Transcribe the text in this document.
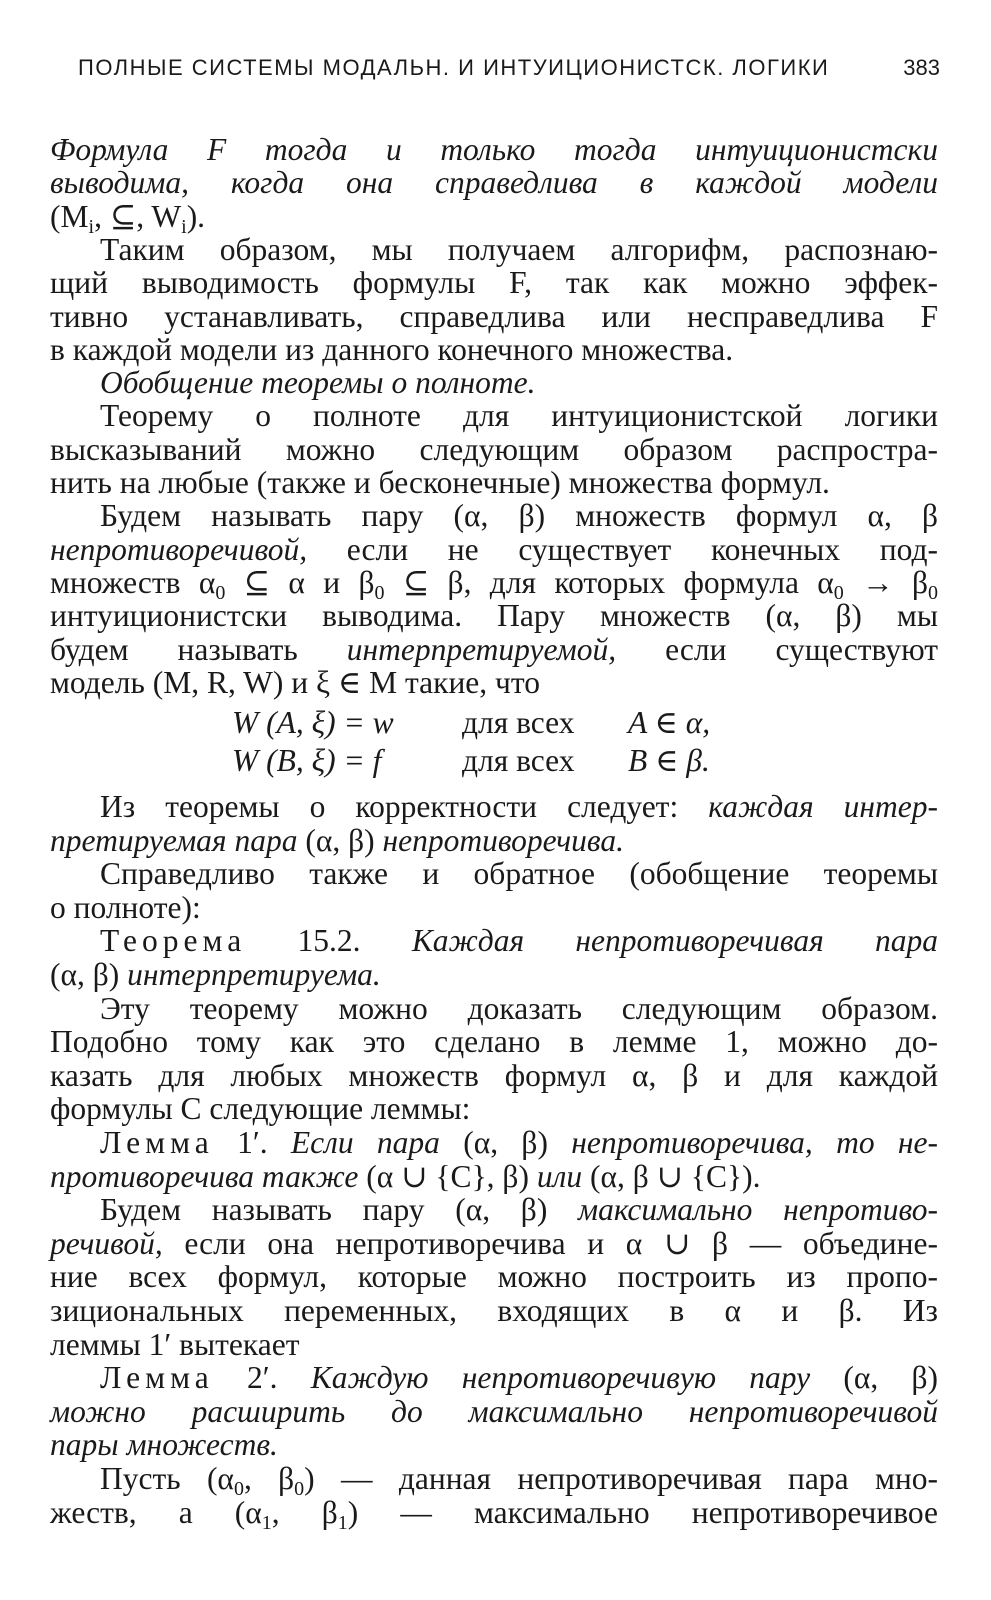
ПОЛНЫЕ СИСТЕМЫ МОДАЛЬН. И ИНТУИЦИОНИСТСК. ЛОГИКИ	383
Формула F тогда и только тогда интуиционистски
выводима, когда она справедлива в каждой модели
($M_i$, ⊆, $W_i$).
Таким образом, мы получаем алгорифм, распознаю-
щий выводимость формулы F, так как можно эффек-
тивно устанавливать, справедлива или несправедлива F
в каждой модели из данного конечного множества.
Обобщение теоремы о полноте.
Теорему о полноте для интуиционистской логики
высказываний можно следующим образом распростра-
нить на любые (также и бесконечные) множества формул.
Будем называть пару (α, β) множеств формул α, β
непротиворечивой, если не существует конечных под-
множеств $\alpha_0$ ⊆ α и $\beta_0$ ⊆ β, для которых формула $\alpha_0 \to \beta_0$
интуиционистски выводима. Пару множеств (α, β) мы
будем называть интерпретируемой, если существуют
модель (M, R, W) и ξ ∈ M такие, что
W (A, ξ) = w для всех A ∈ α,
W (B, ξ) = f	для всех B ∈ β.
Из теоремы о корректности следует: каждая интер-
претируемая пара (α, β) непротиворечива.
Справедливо также и обратное (обобщение теоремы
о полноте):
Теорема 15.2. Каждая непротиворечивая пара
(α, β) интерпретируема.
Эту теорему можно доказать следующим образом.
Подобно тому как это сделано в лемме 1, можно до-
казать для любых множеств формул α, β и для каждой
формулы C следующие леммы:
Лемма 1′. Если пара (α, β) непротиворечива, то не-
противоречива также (α ∪ {C}, β) или (α, β ∪ {C}).
Будем называть пару (α, β) максимально непротиво-
речивой, если она непротиворечива и α ∪ β — объедине-
ние всех формул, которые можно построить из пропо-
зициональных переменных, входящих в α и β. Из
леммы 1′ вытекает
Лемма 2′. Каждую непротиворечивую пару (α, β)
можно расширить до максимально непротиворечивой
пары множеств.
Пусть ($\alpha_0$, $\beta_0$) — данная непротиворечивая пара мно-
жеств, а ($\alpha_1$, $\beta_1$) — максимально непротиворечивое
